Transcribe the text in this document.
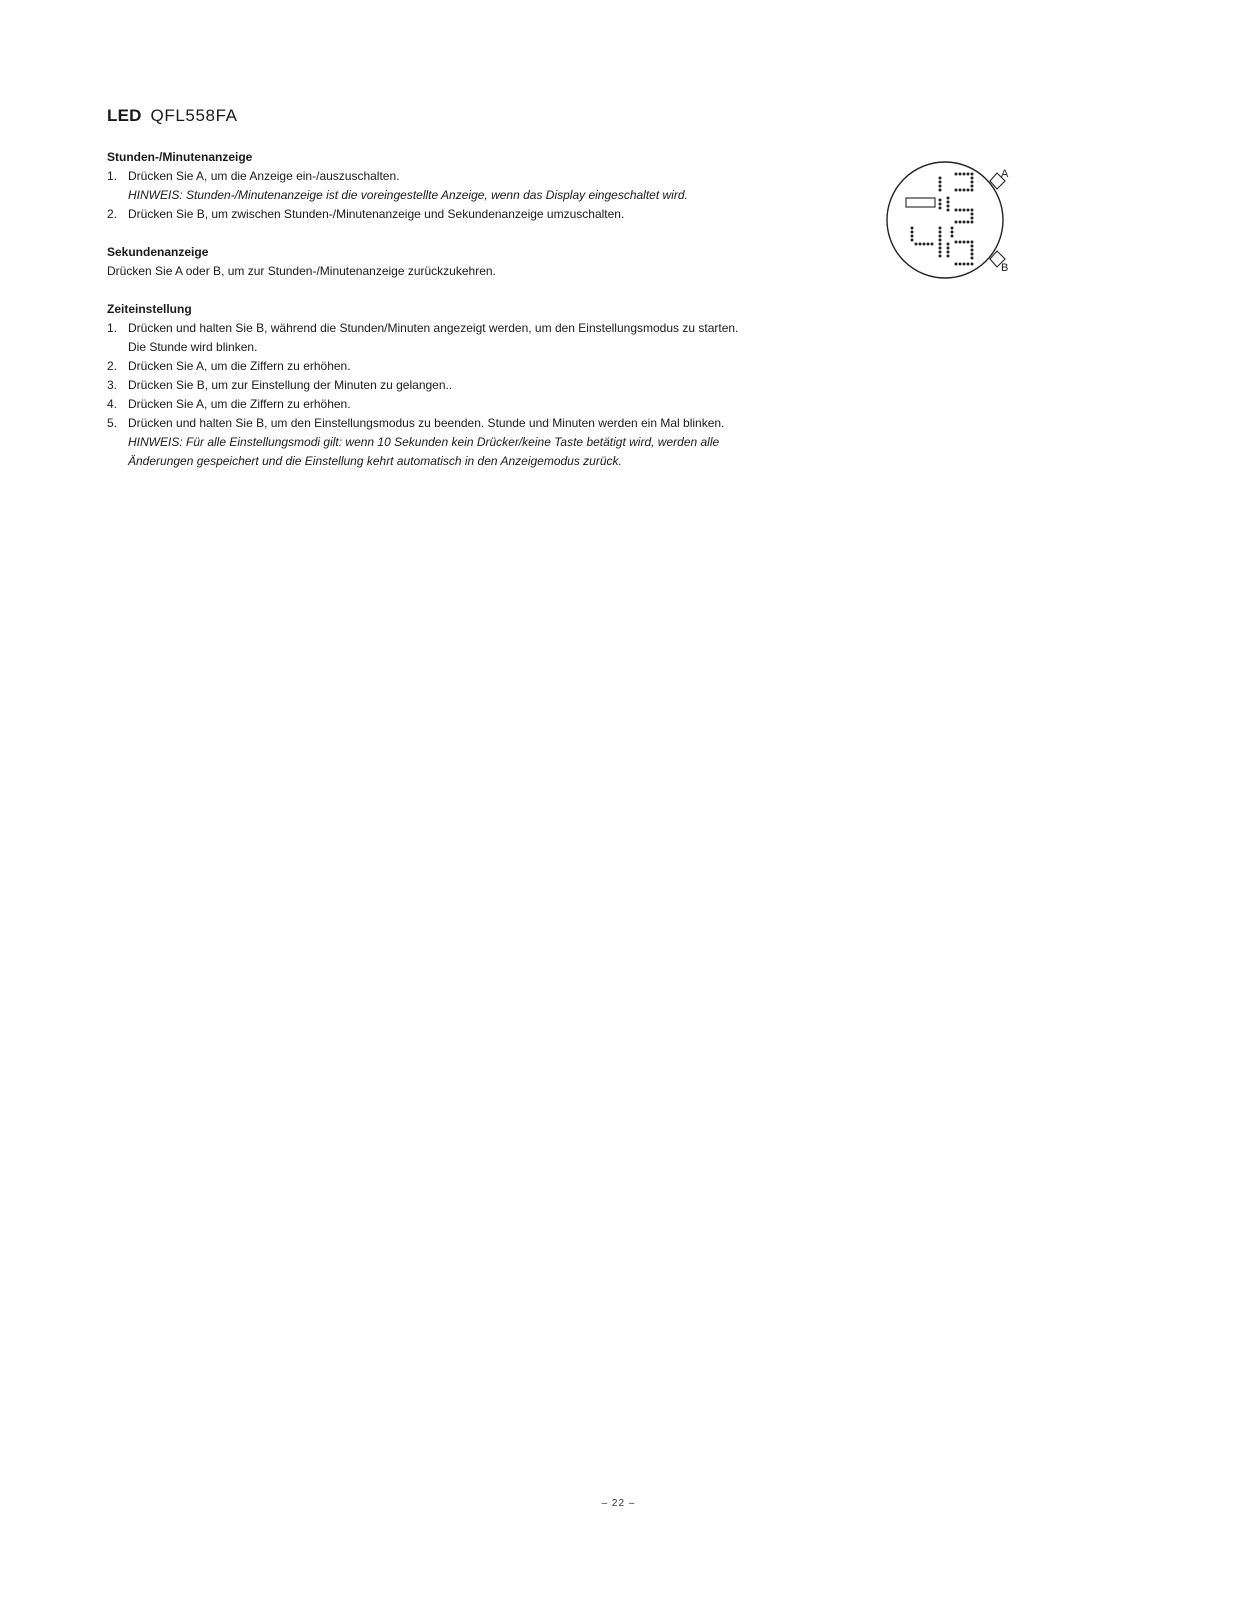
LED QFL558FA

Stunden-/Minutenanzeige

1. Drücken Sie A, um die Anzeige ein-/auszuschalten.
HINWEIS: Stunden-/Minutenanzeige ist die voreingestellte Anzeige, wenn das Display eingeschaltet wird.
2. Drücken Sie B, um zwischen Stunden-/Minutenanzeige und Sekundenanzeige umzuschalten.

Sekundenanzeige

Drücken Sie A oder B, um zur Stunden-/Minutenanzeige zurückzukehren.

Zeiteinstellung

1. Drücken und halten Sie B, während die Stunden/Minuten angezeigt werden, um den Einstellungsmodus zu starten.
Die Stunde wird blinken.
2. Drücken Sie A, um die Ziffern zu erhöhen.
3. Drücken Sie B, um zur Einstellung der Minuten zu gelangen..
4. Drücken Sie A, um die Ziffern zu erhöhen.
5. Drücken und halten Sie B, um den Einstellungsmodus zu beenden. Stunde und Minuten werden ein Mal blinken.
HINWEIS: Für alle Einstellungsmodi gilt: wenn 10 Sekunden kein Drücker/keine Taste betätigt wird, werden alle
Änderungen gespeichert und die Einstellung kehrt automatisch in den Anzeigemodus zurück.
A
B
– 22 –
